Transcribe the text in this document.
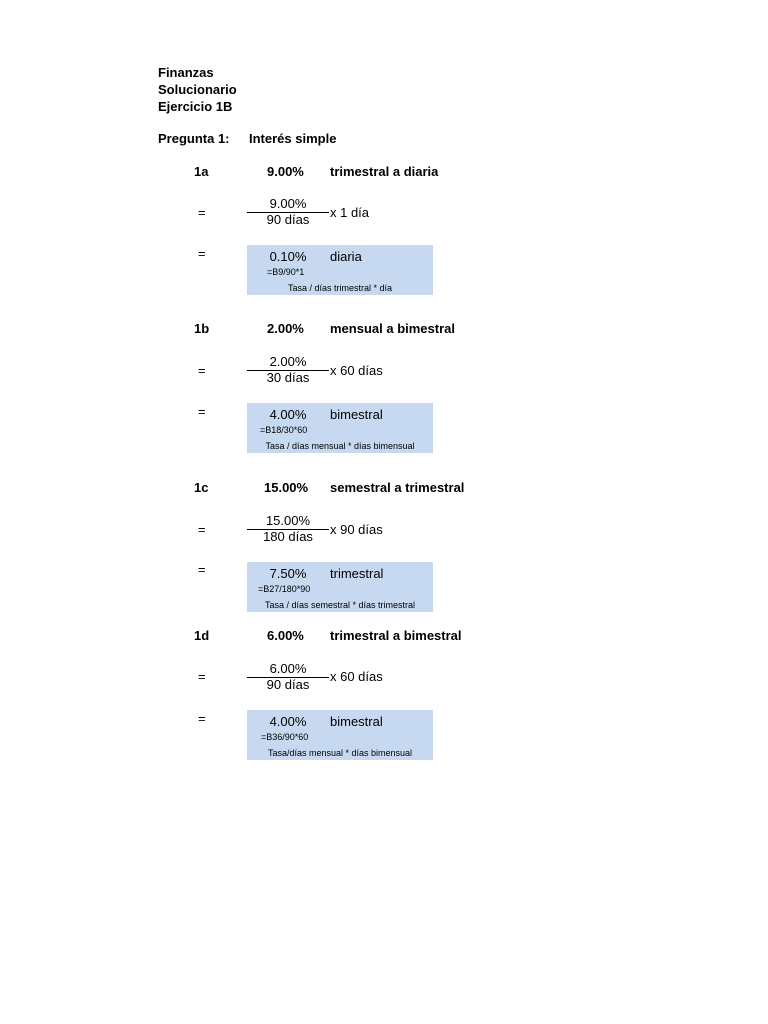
Finanzas
Solucionario
Ejercicio 1B
Pregunta 1: Interés simple
1a	9.00% trimestral a diaria
=
9.00%
90 días	x 1 día
=	0.10%	diaria
=B9/90*1
Tasa / días trimestral * día
1b	2.00% mensual a bimestral
=
2.00%
30 días	x 60 días
=	4.00%	bimestral
=B18/30*60
Tasa / días mensual * días bimensual
1c	15.00% semestral a trimestral
=
15.00%
180 días	x 90 días
=	7.50%	trimestral
=B27/180*90
Tasa / días semestral * días trimestral
1d	6.00% trimestral a bimestral
=
6.00%
90 días
x 60 días
=	4.00%	bimestral
=B36/90*60
Tasa/días mensual * días bimensual
